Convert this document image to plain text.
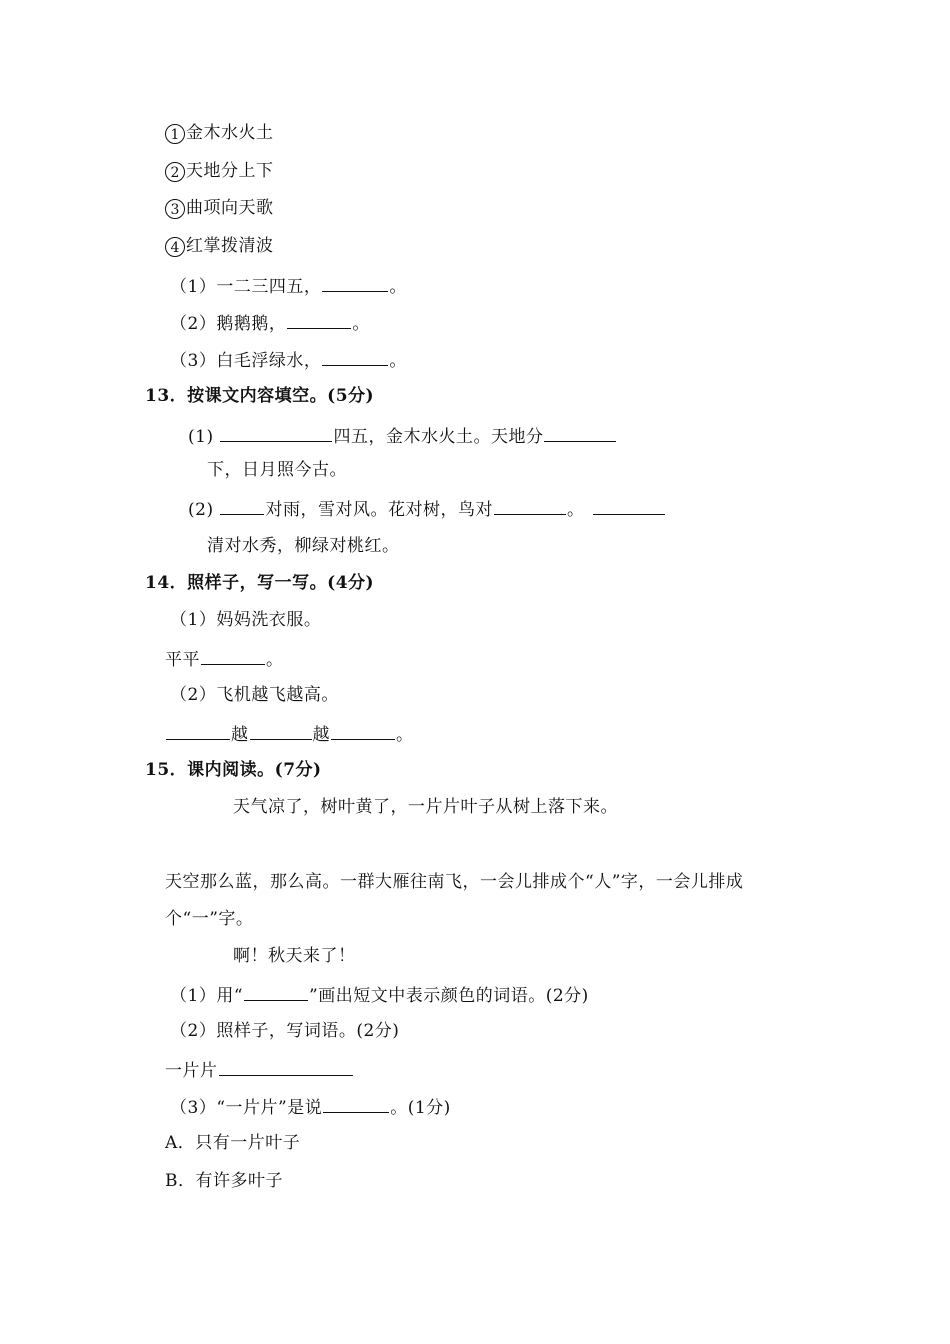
1 金木水火土
2 天地分上下
3 曲项向天歌
4 红掌拨清波
（1）一二三四五，	。
（2）鹅鹅鹅，	。
（3）白毛浮绿水，	。
13．按课文内容填空。(5分)
(1)	四五，金木水火土。天地分
下，日月照今古。
(2)	对雨，雪对风。花对树，鸟对	。
清对水秀，柳绿对桃红。
14．照样子，写一写。(4分)
（1）妈妈洗衣服。
平平	。
（2）飞机越飞越高。
越	越	。
15．课内阅读。(7分)
天气凉了，树叶黄了，一片片叶子从树上落下来。
天空那么蓝，那么高。一群大雁往南飞，一会儿排成个“人”字，一会儿排成
个“一”字。
啊！秋天来了！
（1）用“	”画出短文中表示颜色的词语。(2分)
（2）照样子，写词语。(2分)
一片片
（3）“一片片”是说	。(1分)
A．只有一片叶子
B．有许多叶子
